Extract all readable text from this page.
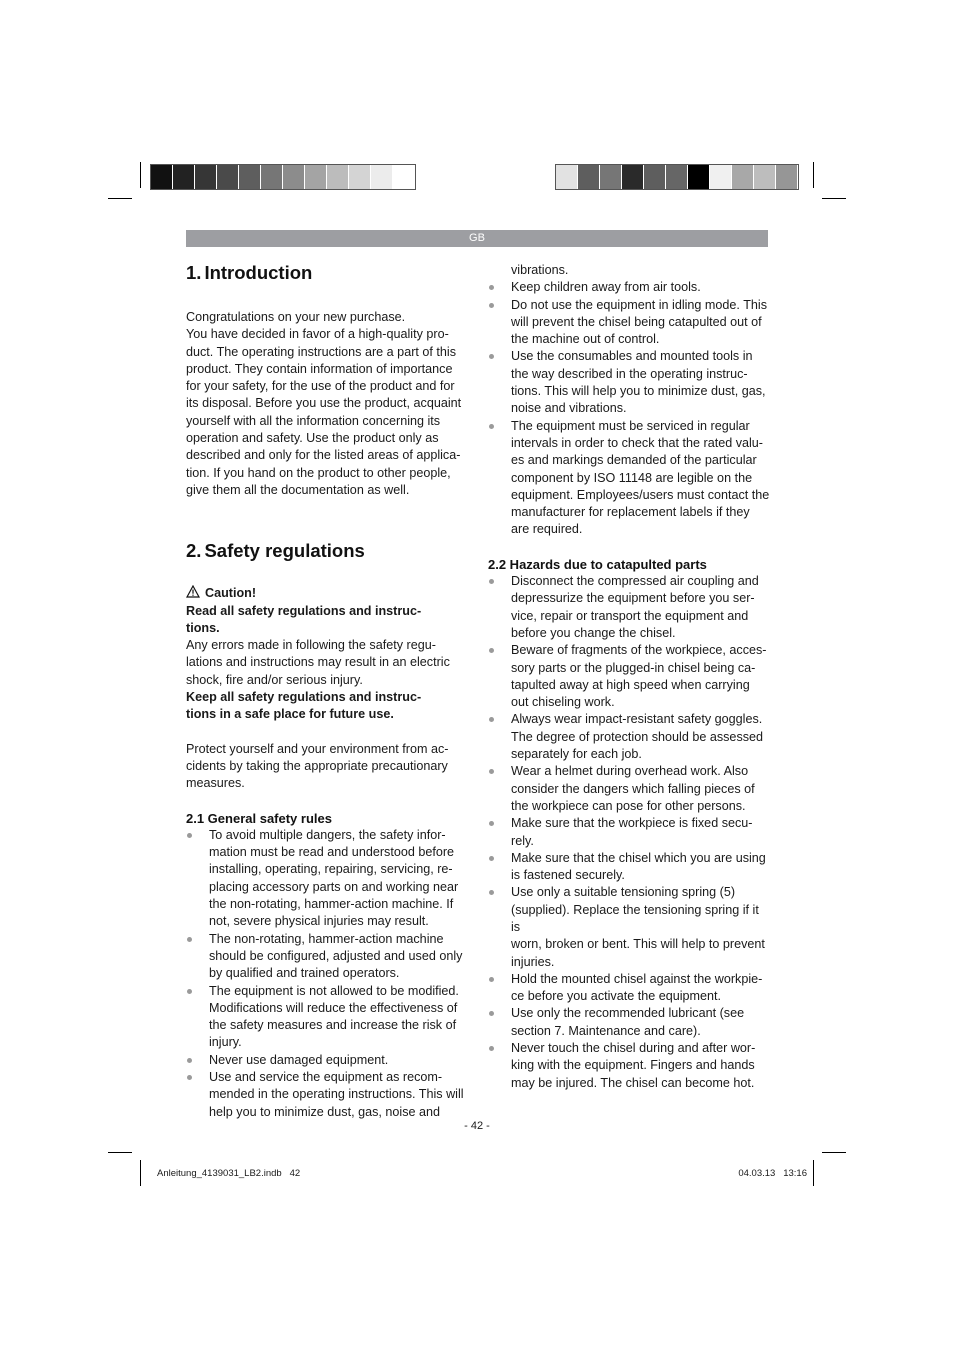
GB
1. Introduction

Congratulations on your new purchase.
You have decided in favor of a high-quality pro-
duct. The operating instructions are a part of this
product. They contain information of importance
for your safety, for the use of the product and for
its disposal. Before you use the product, acquaint
yourself with all the information concerning its
operation and safety. Use the product only as
described and only for the listed areas of applica-
tion. If you hand on the product to other people,
give them all the documentation as well.

2. Safety regulations

Caution!

Read all safety regulations and instruc-
tions.

Any errors made in following the safety regu-
lations and instructions may result in an electric
shock, fire and/or serious injury.

Keep all safety regulations and instruc-
tions in a safe place for future use.

Protect yourself and your environment from ac-
cidents by taking the appropriate precautionary
measures.

2.1 General safety rules
To avoid multiple dangers, the safety infor-
mation must be read and understood before
installing, operating, repairing, servicing, re-
placing accessory parts on and working near
the non-rotating, hammer-action machine. If
not, severe physical injuries may result.
The non-rotating, hammer-action machine
should be configured, adjusted and used only
by qualified and trained operators.
The equipment is not allowed to be modified.
Modifications will reduce the effectiveness of
the safety measures and increase the risk of
injury.
Never use damaged equipment.
Use and service the equipment as recom-
mended in the operating instructions. This will
help you to minimize dust, gas, noise and

vibrations.

Keep children away from air tools.
Do not use the equipment in idling mode. This
will prevent the chisel being catapulted out of
the machine out of control.
Use the consumables and mounted tools in
the way described in the operating instruc-
tions. This will help you to minimize dust, gas,
noise and vibrations.
The equipment must be serviced in regular
intervals in order to check that the rated valu-
es and markings demanded of the particular
component by ISO 11148 are legible on the
equipment. Employees/users must contact the
manufacturer for replacement labels if they
are required.
2.2 Hazards due to catapulted parts
Disconnect the compressed air coupling and
depressurize the equipment before you ser-
vice, repair or transport the equipment and
before you change the chisel.
Beware of fragments of the workpiece, acces-
sory parts or the plugged-in chisel being ca-
tapulted away at high speed when carrying
out chiseling work.
Always wear impact-resistant safety goggles.
The degree of protection should be assessed
separately for each job.
Wear a helmet during overhead work. Also
consider the dangers which falling pieces of
the workpiece can pose for other persons.
Make sure that the workpiece is fixed secu-
rely.
Make sure that the chisel which you are using
is fastened securely.
Use only a suitable tensioning spring (5)
(supplied). Replace the tensioning spring if it is
worn, broken or bent. This will help to prevent
injuries.
Hold the mounted chisel against the workpie-
ce before you activate the equipment.
Use only the recommended lubricant (see
section 7. Maintenance and care).
Never touch the chisel during and after wor-
king with the equipment. Fingers and hands
may be injured. The chisel can become hot.
- 42 -
Anleitung_4139031_LB2.indb   42	04.03.13   13:16
